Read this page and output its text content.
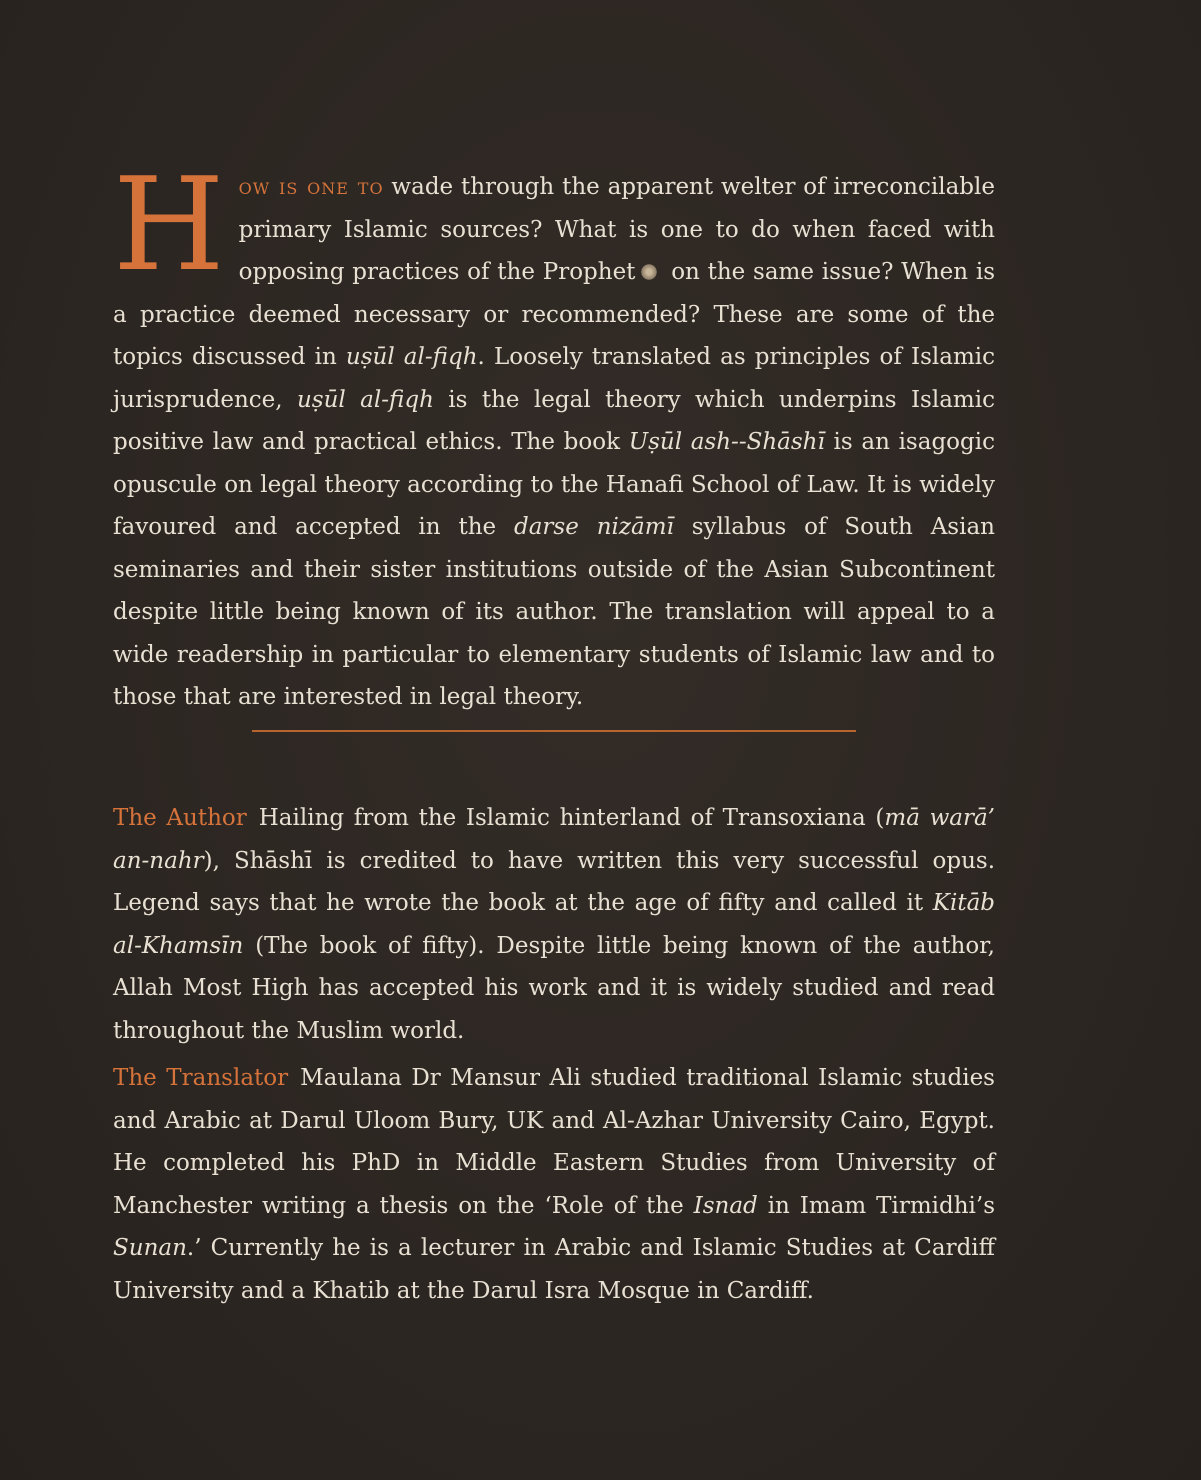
How is one to wade through the apparent welter of irreconcilable primary Islamic sources? What is one to do when faced with opposing practices of the Prophet on the same issue? When is a practice deemed necessary or recommended? These are some of the topics discussed in uṣūl al-fiqh. Loosely translated as principles of Islamic jurisprudence, uṣūl al-fiqh is the legal theory which underpins Islamic positive law and practical ethics. The book Uṣūl ash--Shāshī is an isagogic opusculе on legal theory according to the Hanafi School of Law. It is widely favoured and accepted in the darse nizāmī syllabus of South Asian seminaries and their sister institutions outside of the Asian Subcontinent despite little being known of its author. The translation will appeal to a wide readership in particular to elementary students of Islamic law and to those that are interested in legal theory.
The Author Hailing from the Islamic hinterland of Transoxiana (mā warā’ an-nahr), Shāshī is credited to have written this very successful opus. Legend says that he wrote the book at the age of fifty and called it Kitāb al-Khamsīn (The book of fifty). Despite little being known of the author, Allah Most High has accepted his work and it is widely studied and read throughout the Muslim world.
The Translator Maulana Dr Mansur Ali studied traditional Islamic studies and Arabic at Darul Uloom Bury, UK and Al-Azhar University Cairo, Egypt. He completed his PhD in Middle Eastern Studies from University of Manchester writing a thesis on the ‘Role of the Isnad in Imam Tirmidhi’s Sunan.’ Currently he is a lecturer in Arabic and Islamic Studies at Cardiff University and a Khatib at the Darul Isra Mosque in Cardiff.
